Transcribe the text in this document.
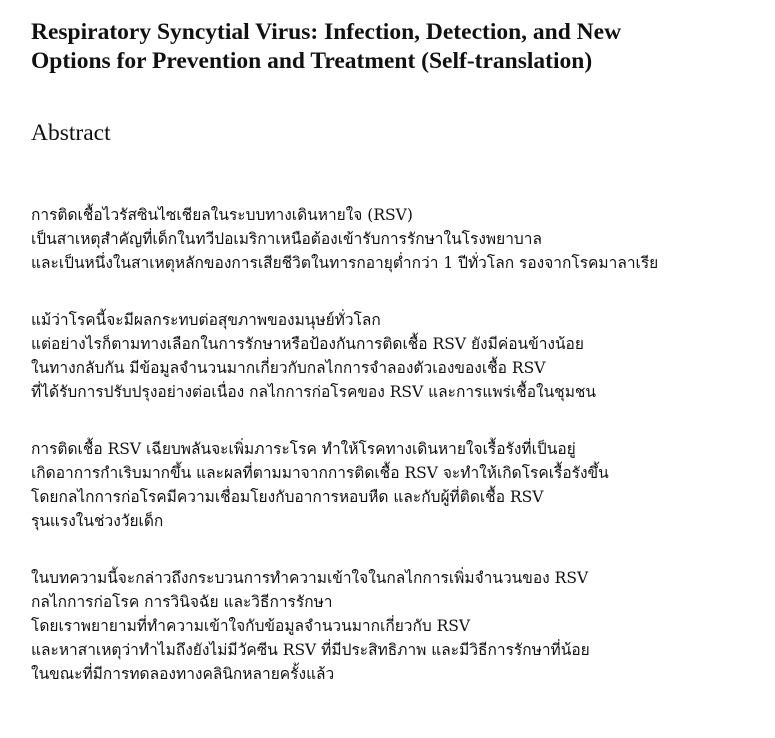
Respiratory Syncytial Virus: Infection, Detection, and New
Options for Prevention and Treatment (Self-translation)
Abstract

การติดเชื้อไวรัสซินไซเชียลในระบบทางเดินหายใจ (RSV)
เป็นสาเหตุสำคัญที่เด็กในทวีปอเมริกาเหนือต้องเข้ารับการรักษาในโรงพยาบาล
และเป็นหนึ่งในสาเหตุหลักของการเสียชีวิตในทารกอายุต่ำกว่า 1 ปีทั่วโลก รองจากโรคมาลาเรีย

แม้ว่าโรคนี้จะมีผลกระทบต่อสุขภาพของมนุษย์ทั่วโลก
แต่อย่างไรก็ตามทางเลือกในการรักษาหรือป้องกันการติดเชื้อ RSV ยังมีค่อนข้างน้อย
ในทางกลับกัน มีข้อมูลจำนวนมากเกี่ยวกับกลไกการจำลองตัวเองของเชื้อ RSV
ที่ได้รับการปรับปรุงอย่างต่อเนื่อง กลไกการก่อโรคของ RSV และการแพร่เชื้อในชุมชน

การติดเชื้อ RSV เฉียบพลันจะเพิ่มภาระโรค ทำให้โรคทางเดินหายใจเรื้อรังที่เป็นอยู่
เกิดอาการกำเริบมากขึ้น และผลที่ตามมาจากการติดเชื้อ RSV จะทำให้เกิดโรคเรื้อรังขึ้น
โดยกลไกการก่อโรคมีความเชื่อมโยงกับอาการหอบหืด และกับผู้ที่ติดเชื้อ RSV
รุนแรงในช่วงวัยเด็ก

ในบทความนี้จะกล่าวถึงกระบวนการทำความเข้าใจในกลไกการเพิ่มจำนวนของ RSV
กลไกการก่อโรค การวินิจฉัย และวิธีการรักษา
โดยเราพยายามที่ทำความเข้าใจกับข้อมูลจำนวนมากเกี่ยวกับ RSV
และหาสาเหตุว่าทำไมถึงยังไม่มีวัคซีน RSV ที่มีประสิทธิภาพ และมีวิธีการรักษาที่น้อย
ในขณะที่มีการทดลองทางคลินิกหลายครั้งแล้ว
